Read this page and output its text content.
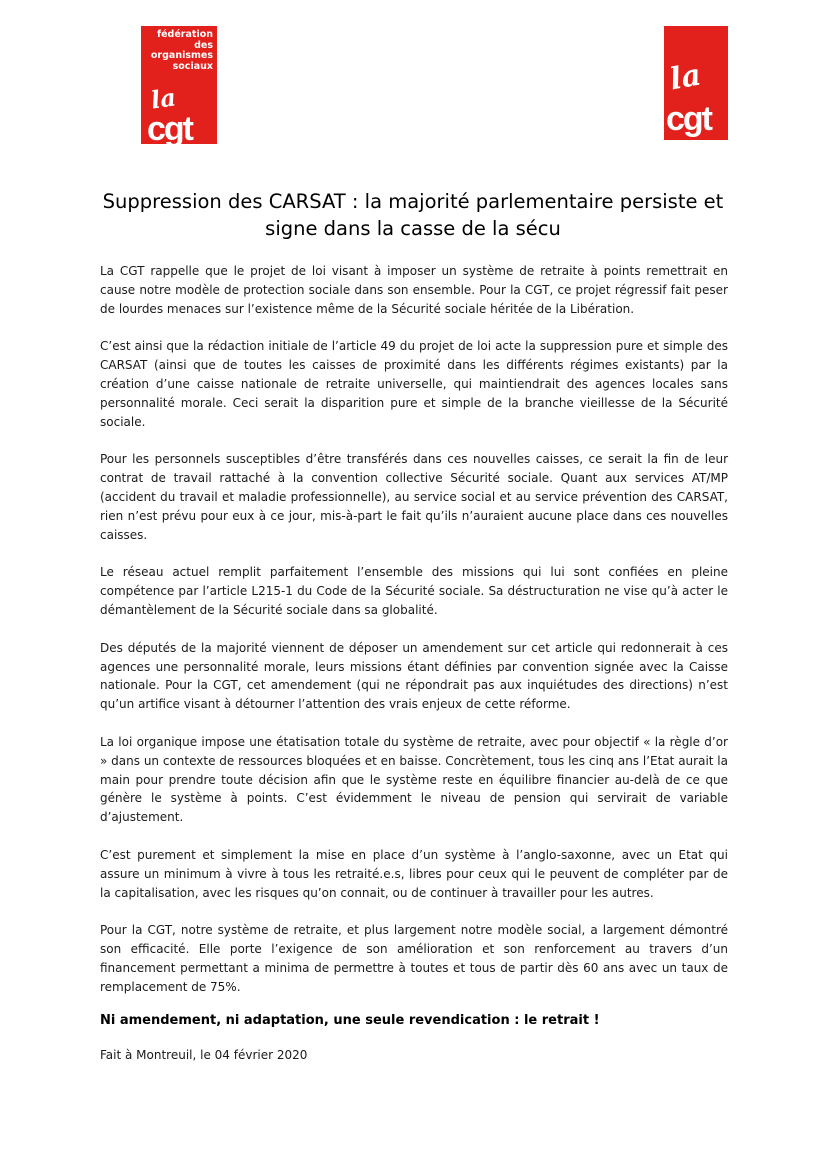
fédération
des
organismes
sociaux
la
cgt
la
cgt
Suppression des CARSAT : la majorité parlementaire persiste et signe dans la casse de la sécu

La CGT rappelle que le projet de loi visant à imposer un système de retraite à points remettrait en cause notre modèle de protection sociale dans son ensemble. Pour la CGT, ce projet régressif fait peser de lourdes menaces sur l’existence même de la Sécurité sociale héritée de la Libération.

C’est ainsi que la rédaction initiale de l’article 49 du projet de loi acte la suppression pure et simple des CARSAT (ainsi que de toutes les caisses de proximité dans les différents régimes existants) par la création d’une caisse nationale de retraite universelle, qui maintiendrait des agences locales sans personnalité morale. Ceci serait la disparition pure et simple de la branche vieillesse de la Sécurité sociale.

Pour les personnels susceptibles d’être transférés dans ces nouvelles caisses, ce serait la fin de leur contrat de travail rattaché à la convention collective Sécurité sociale. Quant aux services AT/MP (accident du travail et maladie professionnelle), au service social et au service prévention des CARSAT, rien n’est prévu pour eux à ce jour, mis-à-part le fait qu’ils n’auraient aucune place dans ces nouvelles caisses.

Le réseau actuel remplit parfaitement l’ensemble des missions qui lui sont confiées en pleine compétence par l’article L215-1 du Code de la Sécurité sociale. Sa déstructuration ne vise qu’à acter le démantèlement de la Sécurité sociale dans sa globalité.

Des députés de la majorité viennent de déposer un amendement sur cet article qui redonnerait à ces agences une personnalité morale, leurs missions étant définies par convention signée avec la Caisse nationale. Pour la CGT, cet amendement (qui ne répondrait pas aux inquiétudes des directions) n’est qu’un artifice visant à détourner l’attention des vrais enjeux de cette réforme.

La loi organique impose une étatisation totale du système de retraite, avec pour objectif « la règle d’or » dans un contexte de ressources bloquées et en baisse. Concrètement, tous les cinq ans l’Etat aurait la main pour prendre toute décision afin que le système reste en équilibre financier au-delà de ce que génère le système à points. C’est évidemment le niveau de pension qui servirait de variable d’ajustement.

C’est purement et simplement la mise en place d’un système à l’anglo-saxonne, avec un Etat qui assure un minimum à vivre à tous les retraité.e.s, libres pour ceux qui le peuvent de compléter par de la capitalisation, avec les risques qu’on connait, ou de continuer à travailler pour les autres.

Pour la CGT, notre système de retraite, et plus largement notre modèle social, a largement démontré son efficacité. Elle porte l’exigence de son amélioration et son renforcement au travers d’un financement permettant a minima de permettre à toutes et tous de partir dès 60 ans avec un taux de remplacement de 75%.

Ni amendement, ni adaptation, une seule revendication : le retrait !

Fait à Montreuil, le 04 février 2020
